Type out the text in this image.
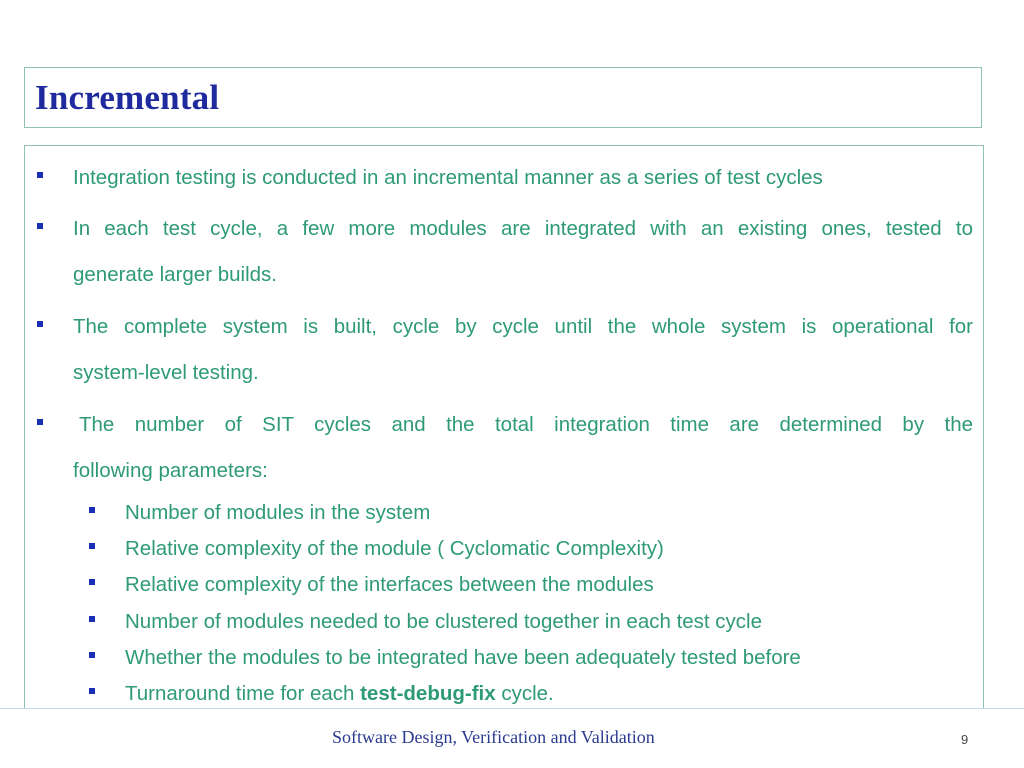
Incremental
Integration testing is conducted in an incremental manner as a series of test cycles
In each test cycle, a few more modules are integrated with an existing ones, tested to
generate larger builds.
The complete system is built, cycle by cycle until the whole system is operational for
system-level testing.
The number of SIT cycles and the total integration time are determined by the
following parameters:
Number of modules in the system
Relative complexity of the module ( Cyclomatic Complexity)
Relative complexity of the interfaces between the modules
Number of modules needed to be clustered together in each test cycle
Whether the modules to be integrated have been adequately tested before
Turnaround time for each test-debug-fix cycle.
Software Design, Verification and Validation	9
